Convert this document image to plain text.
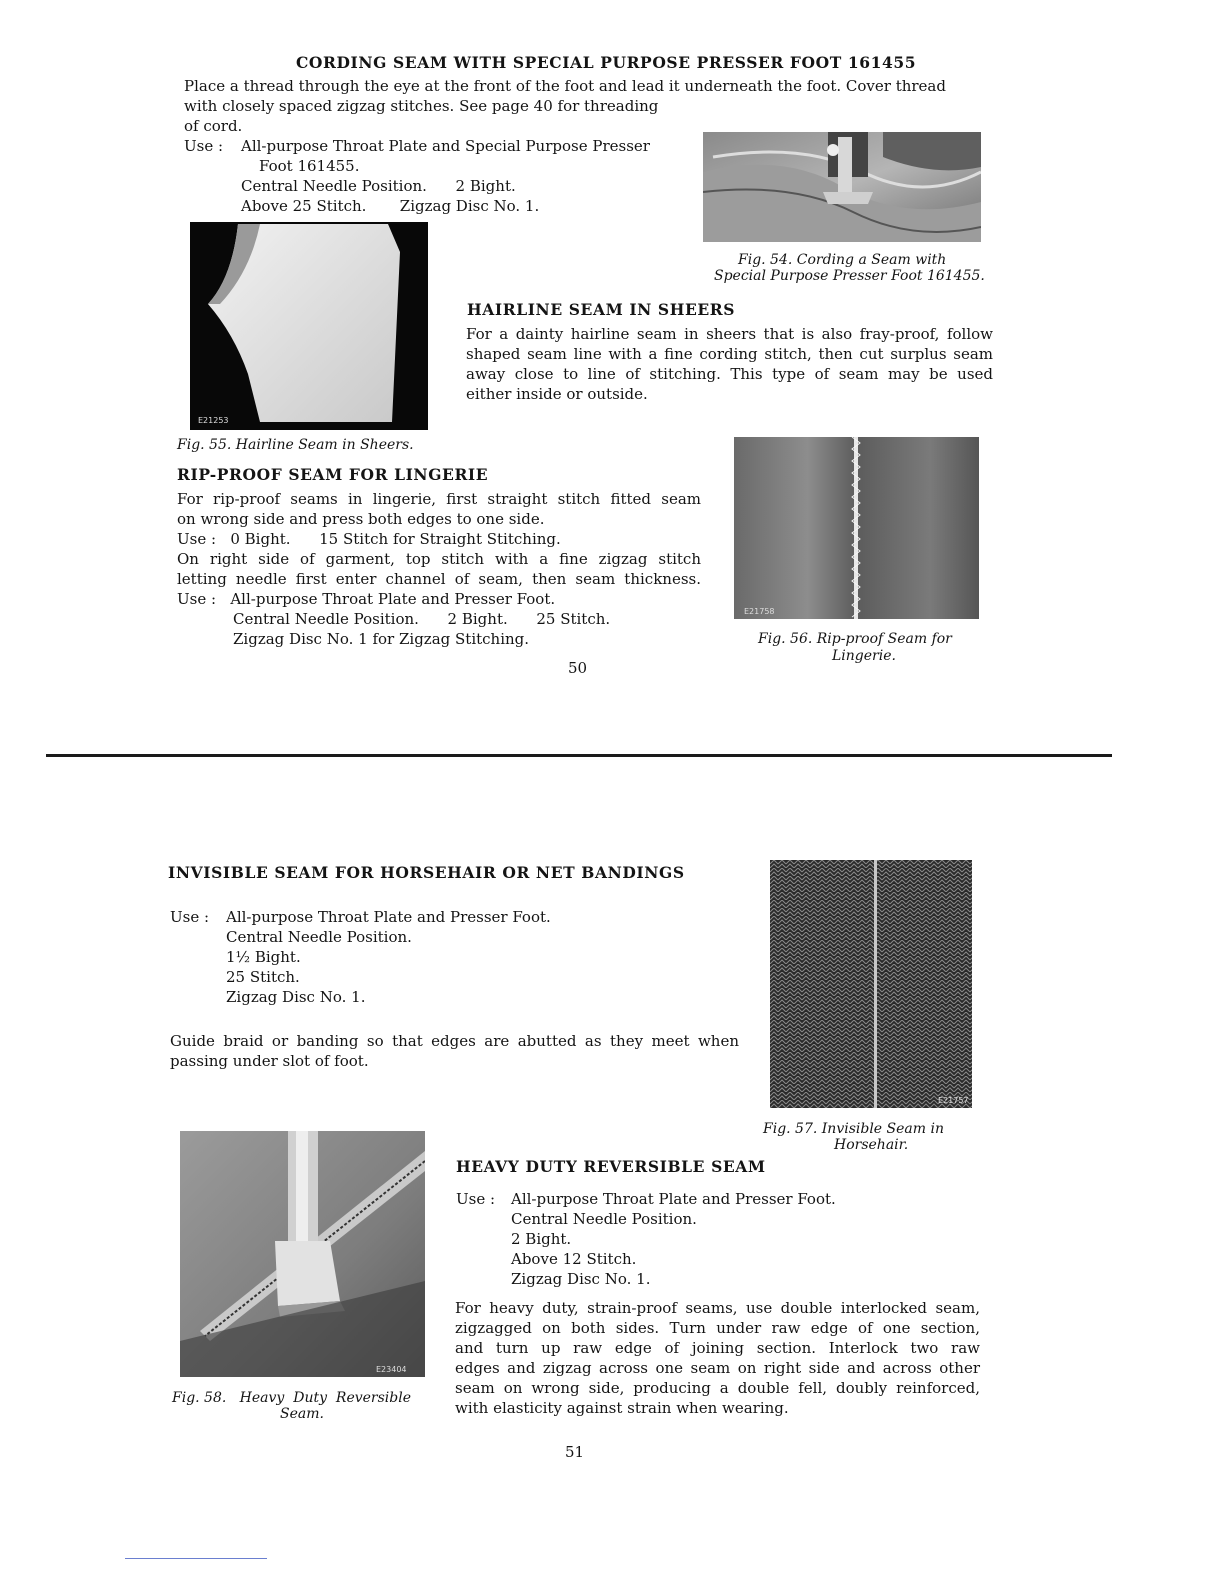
CORDING SEAM WITH SPECIAL PURPOSE PRESSER FOOT 161455
Place a thread through the eye at the front of the foot and lead it underneath the foot. Cover thread
with closely spaced zigzag stitches. See page 40 for threading
of cord.
Use : All-purpose Throat Plate and Special Purpose Presser
Foot 161455.
Central Needle Position.      2 Bight.
Above 25 Stitch.       Zigzag Disc No. 1.
Fig. 54. Cording a Seam with
Special Purpose Presser Foot 161455.
E21253
Fig. 55. Hairline Seam in Sheers.
HAIRLINE SEAM IN SHEERS
For a dainty hairline seam in sheers that is also fray-proof, follow
shaped seam line with a fine cording stitch, then cut surplus seam
away close to line of stitching. This type of seam may be used
either inside or outside.
RIP-PROOF SEAM FOR LINGERIE
For rip-proof seams in lingerie, first straight stitch fitted seam
on wrong side and press both edges to one side.
Use :   0 Bight.      15 Stitch for Straight Stitching.
On right side of garment, top stitch with a fine zigzag stitch
letting needle first enter channel of seam, then seam thickness.
Use :   All-purpose Throat Plate and Presser Foot.
Central Needle Position.      2 Bight.      25 Stitch.
Zigzag Disc No. 1 for Zigzag Stitching.
E21758
Fig. 56. Rip-proof Seam for
Lingerie.
50
INVISIBLE SEAM FOR HORSEHAIR OR NET BANDINGS
Use : All-purpose Throat Plate and Presser Foot.
Central Needle Position.
1½ Bight.
25 Stitch.
Zigzag Disc No. 1.
Guide braid or banding so that edges are abutted as they meet when
passing under slot of foot.
E21757
Fig. 57. Invisible Seam in
Horsehair.
E23404
Fig. 58.   Heavy  Duty  Reversible
Seam.
HEAVY DUTY REVERSIBLE SEAM
Use : All-purpose Throat Plate and Presser Foot.
Central Needle Position.
2 Bight.
Above 12 Stitch.
Zigzag Disc No. 1.
For heavy duty, strain-proof seams, use double interlocked seam,
zigzagged on both sides. Turn under raw edge of one section,
and turn up raw edge of joining section. Interlock two raw
edges and zigzag across one seam on right side and across other
seam on wrong side, producing a double fell, doubly reinforced,
with elasticity against strain when wearing.
51
